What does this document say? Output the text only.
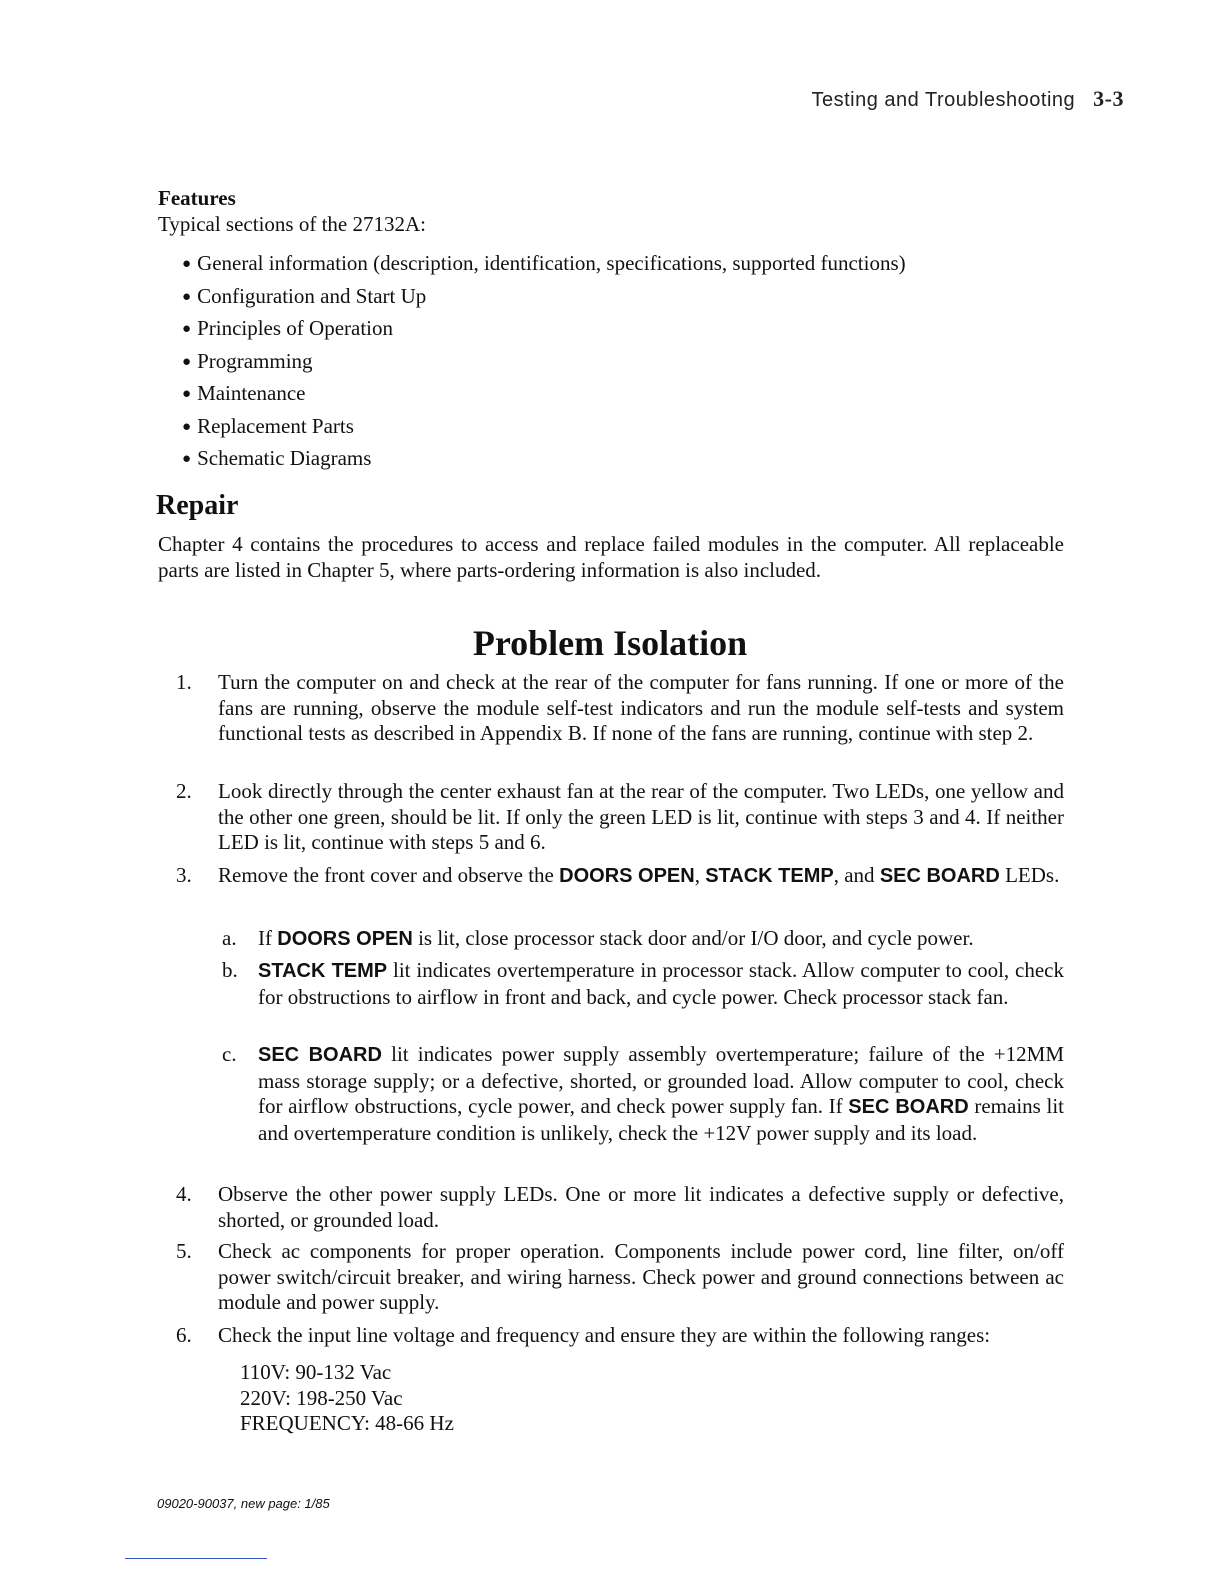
Testing and Troubleshooting 3-3
Features
Typical sections of the 27132A:
● General information (description, identification, specifications, supported functions)
● Configuration and Start Up
● Principles of Operation
● Programming
● Maintenance
● Replacement Parts
● Schematic Diagrams
Repair
Chapter 4 contains the procedures to access and replace failed modules in the computer. All replaceable parts are listed in Chapter 5, where parts-ordering information is also included.
Problem Isolation
1.	Turn the computer on and check at the rear of the computer for fans running. If one or more of the fans are running, observe the module self-test indicators and run the module self-tests and system functional tests as described in Appendix B. If none of the fans are running, continue with step 2.
2.	Look directly through the center exhaust fan at the rear of the computer. Two LEDs, one yellow and the other one green, should be lit. If only the green LED is lit, continue with steps 3 and 4. If neither LED is lit, continue with steps 5 and 6.
3.	Remove the front cover and observe the DOORS OPEN, STACK TEMP, and SEC BOARD LEDs.
a. If DOORS OPEN is lit, close processor stack door and/or I/O door, and cycle power.
b. STACK TEMP lit indicates overtemperature in processor stack. Allow computer to cool, check for obstructions to airflow in front and back, and cycle power. Check processor stack fan.
c. SEC BOARD lit indicates power supply assembly overtemperature; failure of the +12MM mass storage supply; or a defective, shorted, or grounded load. Allow computer to cool, check for airflow obstructions, cycle power, and check power supply fan. If SEC BOARD remains lit and overtemperature condition is unlikely, check the +12V power supply and its load.
4.	Observe the other power supply LEDs. One or more lit indicates a defective supply or defective, shorted, or grounded load.
5.	Check ac components for proper operation. Components include power cord, line filter, on/off power switch/circuit breaker, and wiring harness. Check power and ground connections between ac module and power supply.
6.	Check the input line voltage and frequency and ensure they are within the following ranges:
110V: 90-132 Vac
220V: 198-250 Vac
FREQUENCY: 48-66 Hz
09020-90037, new page: 1/85
